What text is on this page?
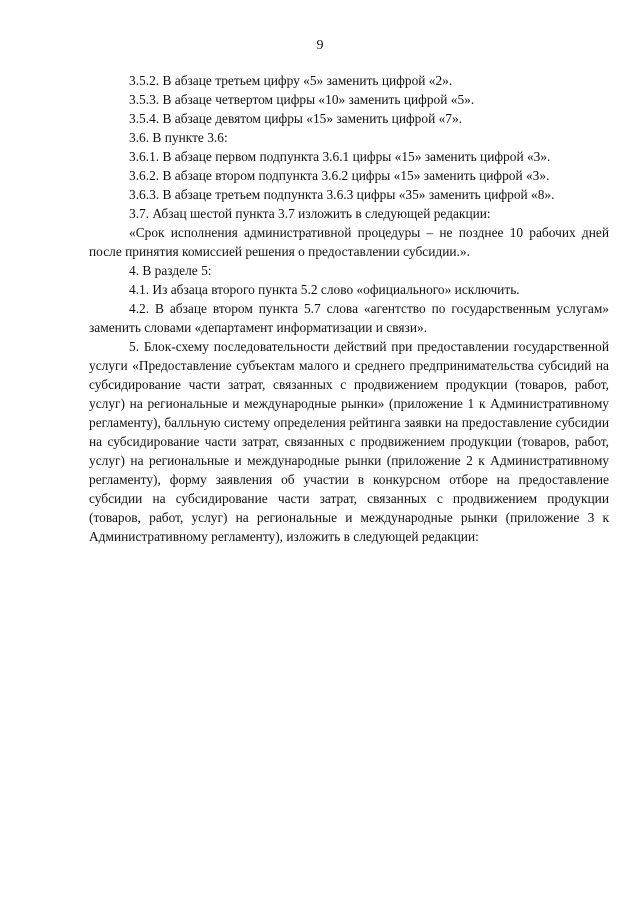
9

3.5.2. В абзаце третьем цифру «5» заменить цифрой «2».

3.5.3. В абзаце четвертом цифры «10» заменить цифрой «5».

3.5.4. В абзаце девятом цифры «15» заменить цифрой «7».

3.6. В пункте 3.6:

3.6.1. В абзаце первом подпункта 3.6.1 цифры «15» заменить цифрой «3».

3.6.2. В абзаце втором подпункта 3.6.2 цифры «15» заменить цифрой «3».

3.6.3. В абзаце третьем подпункта 3.6.3 цифры «35» заменить цифрой «8».

3.7. Абзац шестой пункта 3.7 изложить в следующей редакции:

«Срок исполнения административной процедуры – не позднее 10 рабочих дней после принятия комиссией решения о предоставлении субсидии.».

4. В разделе 5:

4.1. Из абзаца второго пункта 5.2 слово «официального» исключить.

4.2. В абзаце втором пункта 5.7 слова «агентство по государственным услугам» заменить словами «департамент информатизации и связи».

5. Блок-схему последовательности действий при предоставлении государственной услуги «Предоставление субъектам малого и среднего предпринимательства субсидий на субсидирование части затрат, связанных с продвижением продукции (товаров, работ, услуг) на региональные и международные рынки» (приложение 1 к Административному регламенту), балльную систему определения рейтинга заявки на предоставление субсидии на субсидирование части затрат, связанных с продвижением продукции (товаров, работ, услуг) на региональные и международные рынки (приложение 2 к Административному регламенту), форму заявления об участии в конкурсном отборе на предоставление субсидии на субсидирование части затрат, связанных с продвижением продукции (товаров, работ, услуг) на региональные и международные рынки (приложение 3 к Административному регламенту), изложить в следующей редакции:
